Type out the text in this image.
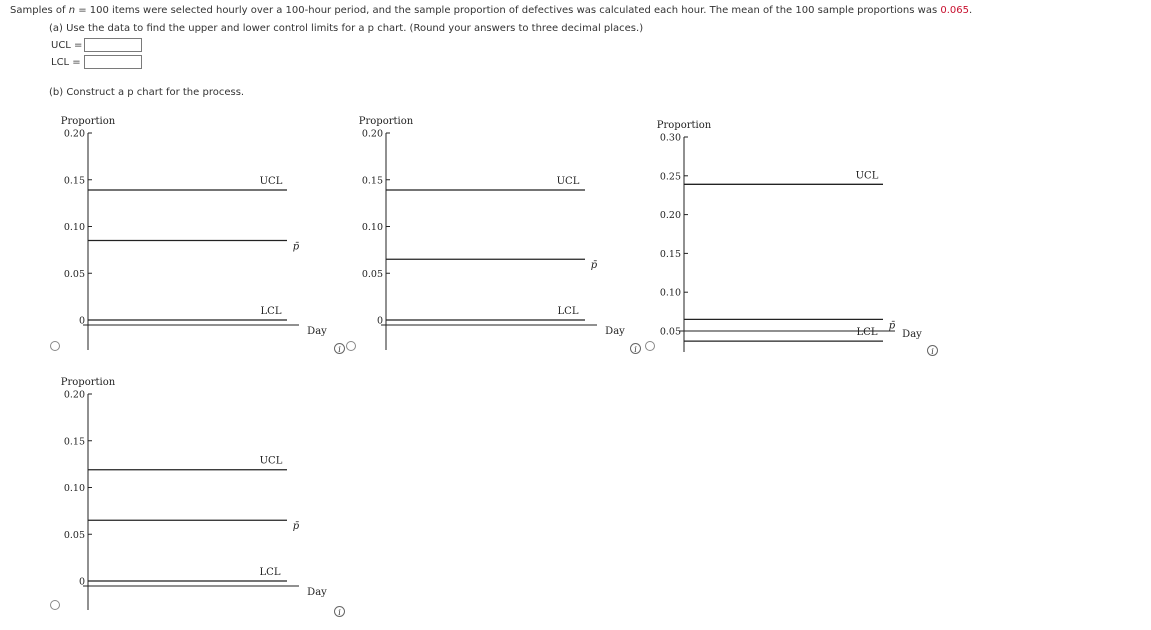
Samples of n = 100 items were selected hourly over a 100-hour period, and the sample proportion of defectives was calculated each hour. The mean of the 100 sample proportions was 0.065.
(a) Use the data to find the upper and lower control limits for a p chart. (Round your answers to three decimal places.)
UCL =
LCL =
(b) Construct a p chart for the process.
Proportion
0.20
0.15
0.10
0.05
0
UCL
p̄
LCL
Day
Proportion
0.20
0.15
0.10
0.05
0
UCL
p̄
LCL
Day
Proportion
0.30
0.25
0.20
0.15
0.10
0.05
UCL
p̄
LCL Day
Proportion
0.20
0.15
0.10
0.05
0
UCL
p̄
LCL
Day
i	i	i
i
